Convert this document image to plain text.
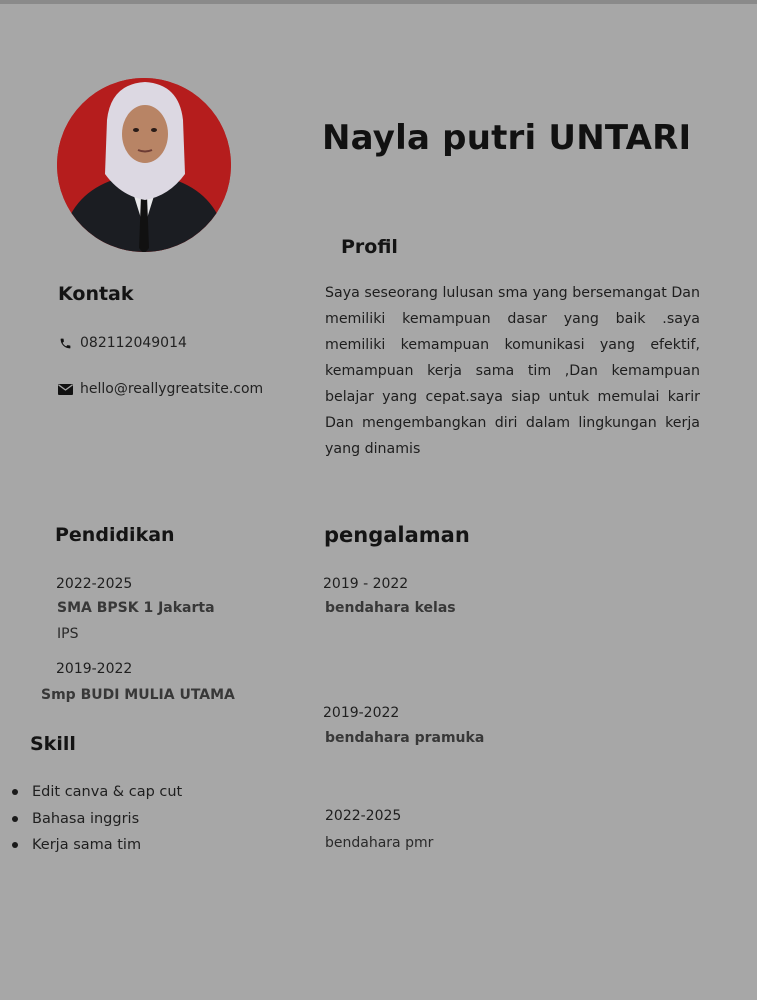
Nayla putri UNTARI
Profil
Saya seseorang lulusan sma yang bersemangat Dan memiliki kemampuan dasar yang baik .saya memiliki kemampuan komunikasi yang efektif, kemampuan kerja sama tim ,Dan kemampuan belajar yang cepat.saya siap untuk memulai karir Dan mengembangkan diri dalam lingkungan kerja yang dinamis
Kontak
082112049014
hello@reallygreatsite.com
Pendidikan
2022-2025
SMA BPSK 1 Jakarta
IPS
2019-2022
Smp BUDI MULIA UTAMA
pengalaman
2019 - 2022
bendahara kelas
2019-2022
bendahara pramuka
2022-2025
bendahara pmr
Skill
Edit canva & cap cut
Bahasa inggris
Kerja sama tim
